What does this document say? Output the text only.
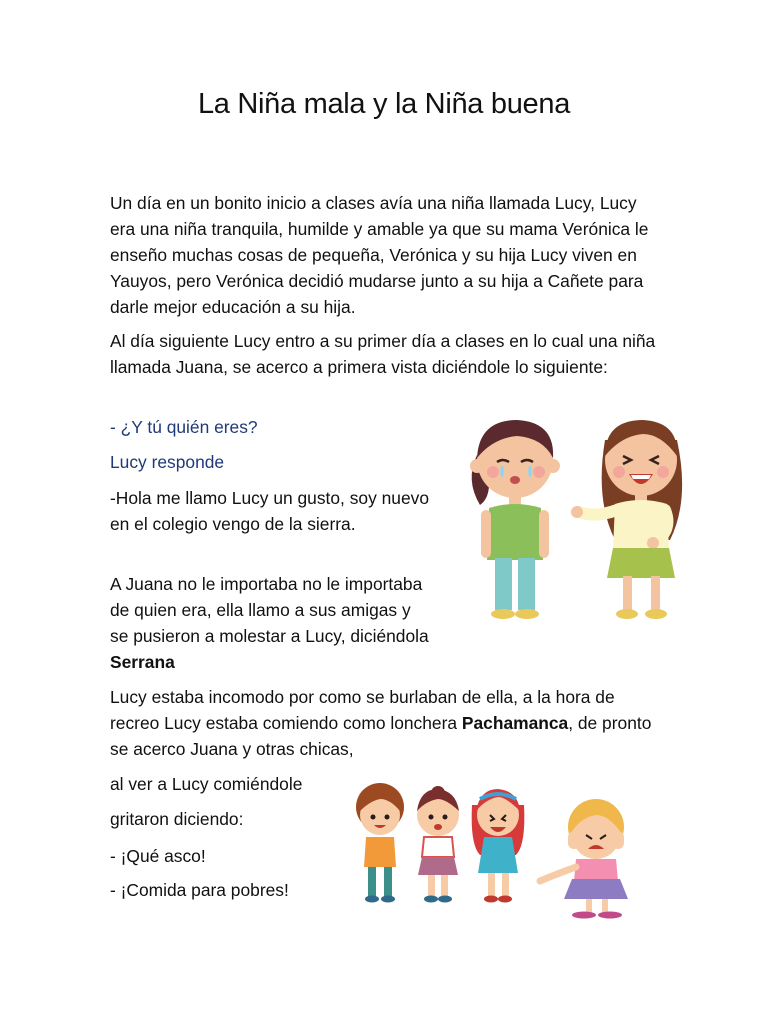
La Niña mala y la Niña buena

Un día en un bonito inicio a clases avía una niña llamada Lucy, Lucy era una niña tranquila, humilde y amable ya que su mama Verónica le enseño muchas cosas de pequeña, Verónica y su hija Lucy viven en Yauyos, pero Verónica decidió mudarse junto a su hija a Cañete para darle mejor educación a su hija.

Al día siguiente Lucy entro a su primer día a clases en lo cual una niña llamada Juana, se acerco a primera vista diciéndole lo siguiente:

- ¿Y tú quién eres?

Lucy responde

-Hola me llamo Lucy un gusto, soy nuevo en el colegio vengo de la sierra.

A Juana no le importaba no le importaba de quien era, ella llamo a sus amigas y se pusieron a molestar a Lucy, diciéndola Serrana

Lucy estaba incomodo por como se burlaban de ella, a la hora de recreo Lucy estaba comiendo como lonchera Pachamanca, de pronto se acerco Juana y otras chicas,

al ver a Lucy comiéndole

gritaron diciendo:

- ¡Qué asco!

- ¡Comida para pobres!
